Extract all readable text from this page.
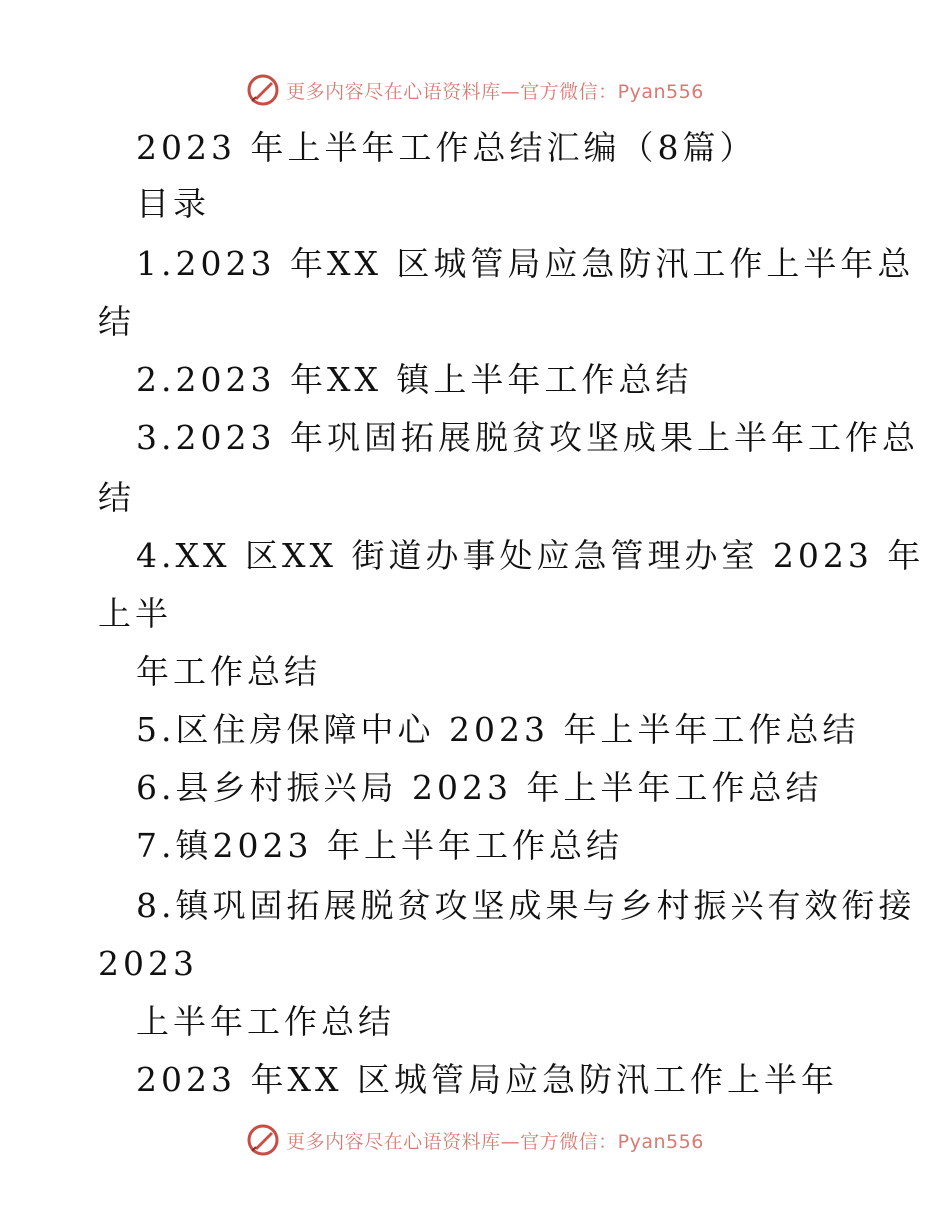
更多内容尽在心语资料库—官方微信：Pyan556
2023 年上半年工作总结汇编（8篇）
目录
1.2023 年XX 区城管局应急防汛工作上半年总
结
2.2023 年XX 镇上半年工作总结
3.2023 年巩固拓展脱贫攻坚成果上半年工作总
结
4.XX 区XX 街道办事处应急管理办室 2023 年
上半
年工作总结
5.区住房保障中心 2023 年上半年工作总结
6.县乡村振兴局 2023 年上半年工作总结
7.镇2023 年上半年工作总结
8.镇巩固拓展脱贫攻坚成果与乡村振兴有效衔接
2023
上半年工作总结
2023 年XX 区城管局应急防汛工作上半年
更多内容尽在心语资料库—官方微信：Pyan556
